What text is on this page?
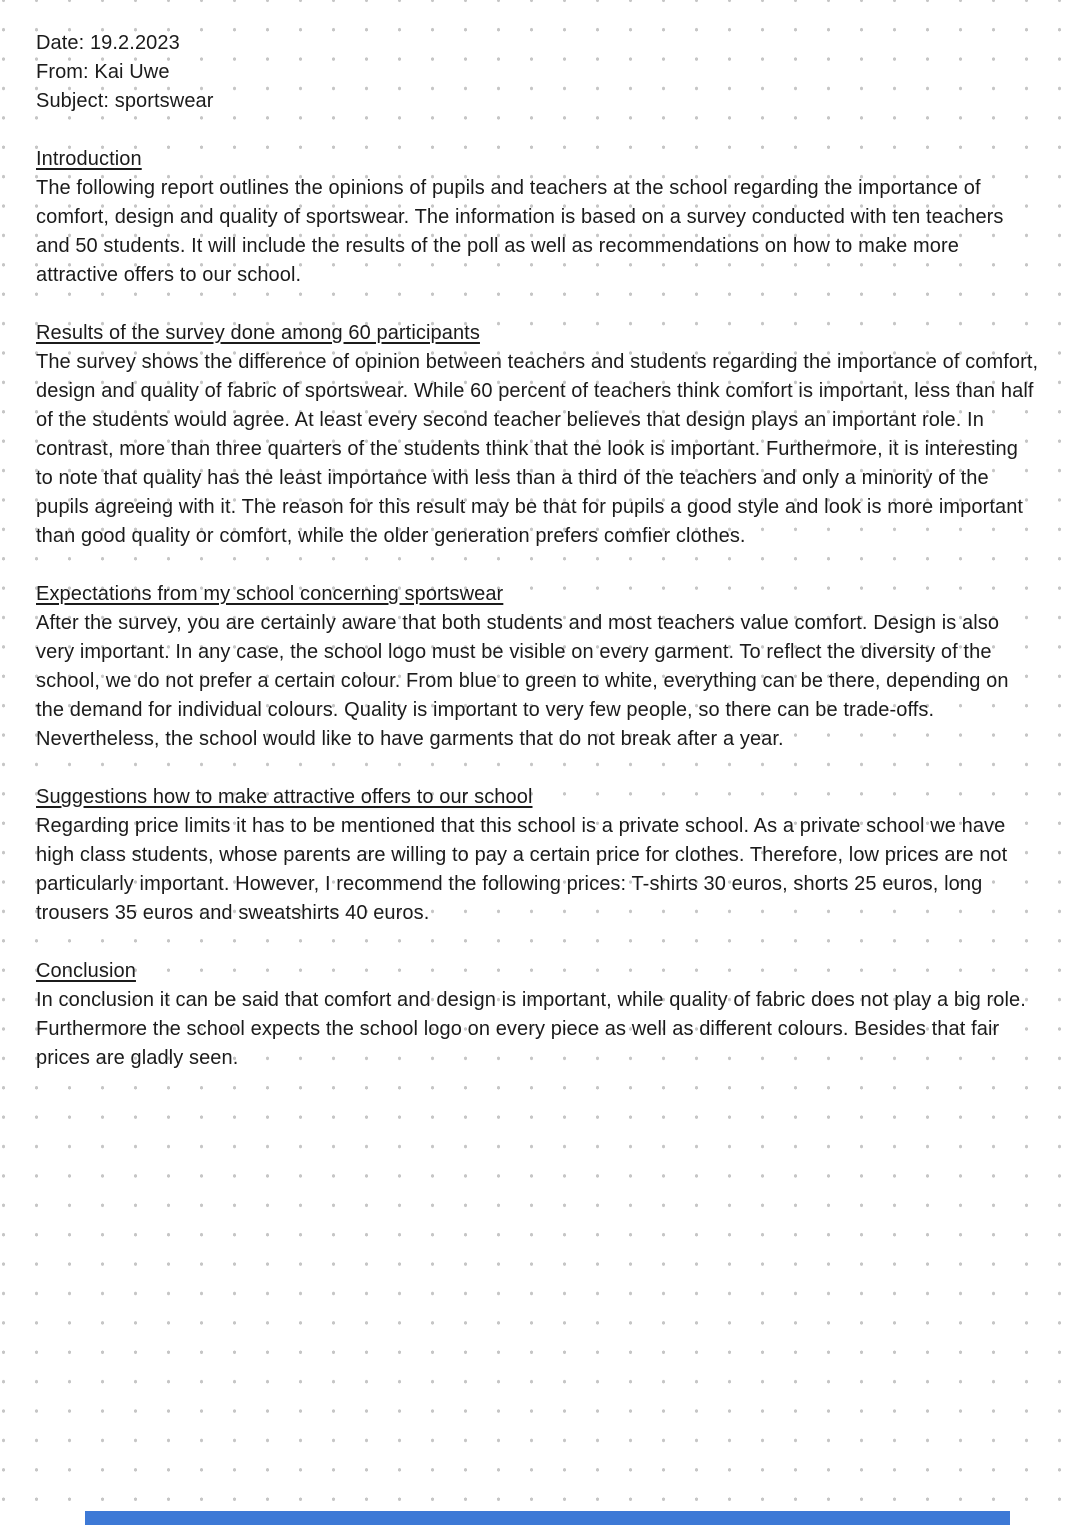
Date: 19.2.2023
From: Kai Uwe
Subject: sportswear
Introduction

The following report outlines the opinions of pupils and teachers at the school regarding the importance of comfort, design and quality of sportswear. The information is based on a survey conducted with ten teachers and 50 students. It will include the results of the poll as well as recommendations on how to make more attractive offers to our school.

Results of the survey done among 60 participants

The survey shows the difference of opinion between teachers and students regarding the importance of comfort, design and quality of fabric of sportswear. While 60 percent of teachers think comfort is important, less than half of the students would agree. At least every second teacher believes that design plays an important role. In contrast, more than three quarters of the students think that the look is important. Furthermore, it is interesting to note that quality has the least importance with less than a third of the teachers and only a minority of the pupils agreeing with it. The reason for this result may be that for pupils a good style and look is more important than good quality or comfort, while the older generation prefers comfier clothes.

Expectations from my school concerning sportswear

After the survey, you are certainly aware that both students and most teachers value comfort. Design is also very important. In any case, the school logo must be visible on every garment. To reflect the diversity of the school, we do not prefer a certain colour. From blue to green to white, everything can be there, depending on the demand for individual colours. Quality is important to very few people, so there can be trade-offs. Nevertheless, the school would like to have garments that do not break after a year.

Suggestions how to make attractive offers to our school

Regarding price limits it has to be mentioned that this school is a private school. As a private school we have high class students, whose parents are willing to pay a certain price for clothes. Therefore, low prices are not particularly important. However, I recommend the following prices: T-shirts 30 euros, shorts 25 euros, long trousers 35 euros and sweatshirts 40 euros.

Conclusion

In conclusion it can be said that comfort and design is important, while quality of fabric does not play a big role. Furthermore the school expects the school logo on every piece as well as different colours. Besides that fair prices are gladly seen.
